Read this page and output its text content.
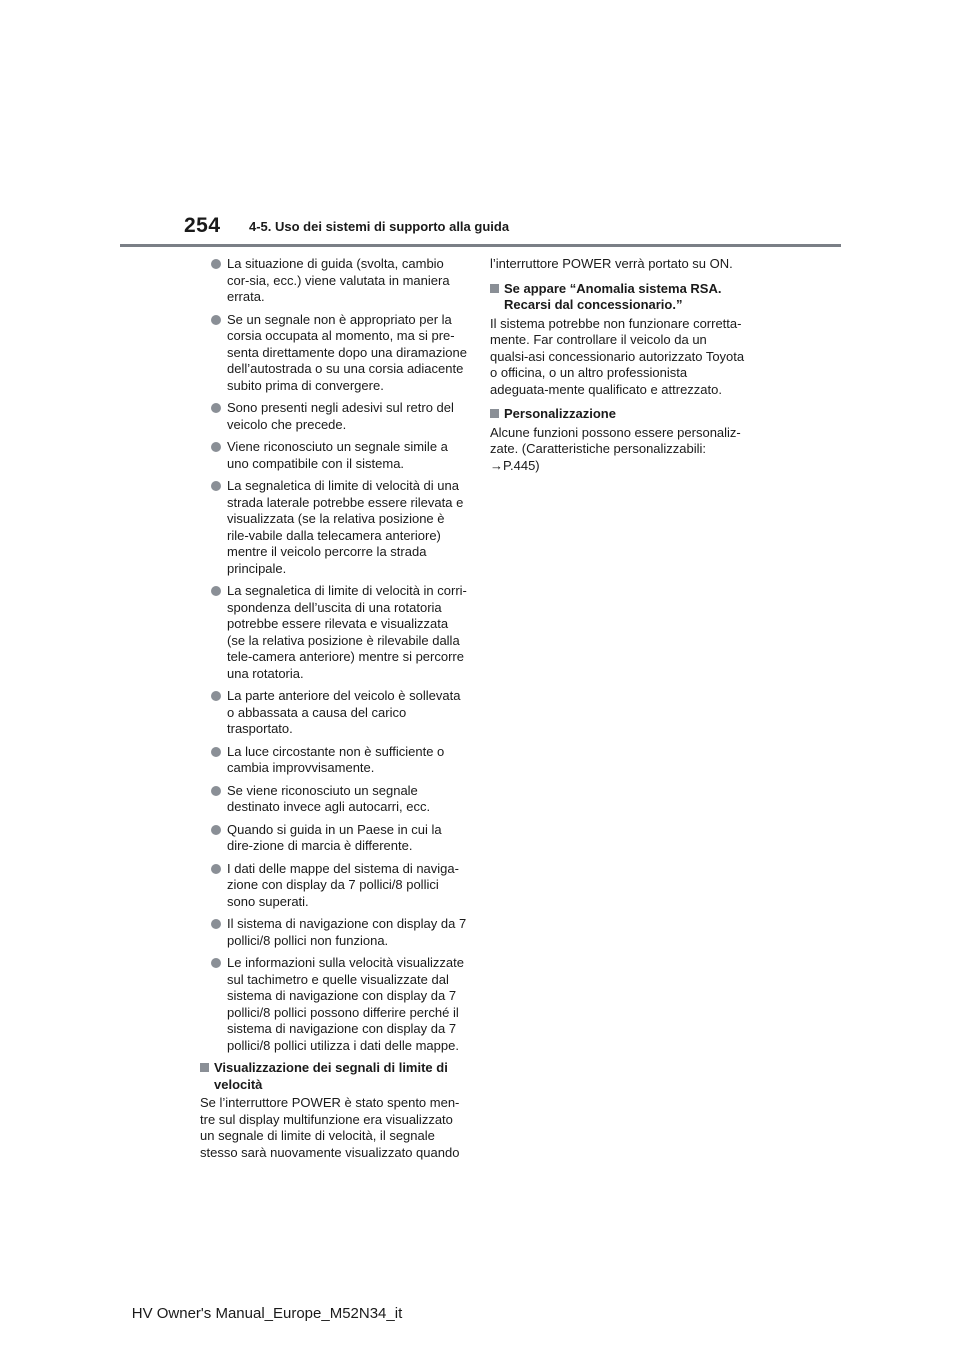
254 4-5. Uso dei sistemi di supporto alla guida
La situazione di guida (svolta, cambio cor-sia, ecc.) viene valutata in maniera errata.
Se un segnale non è appropriato per la corsia occupata al momento, ma si pre-senta direttamente dopo una diramazione dell’autostrada o su una corsia adiacente subito prima di convergere.
Sono presenti negli adesivi sul retro del veicolo che precede.
Viene riconosciuto un segnale simile a uno compatibile con il sistema.
La segnaletica di limite di velocità di una strada laterale potrebbe essere rilevata e visualizzata (se la relativa posizione è rile-vabile dalla telecamera anteriore) mentre il veicolo percorre la strada principale.
La segnaletica di limite di velocità in corri-spondenza dell’uscita di una rotatoria potrebbe essere rilevata e visualizzata (se la relativa posizione è rilevabile dalla tele-camera anteriore) mentre si percorre una rotatoria.
La parte anteriore del veicolo è sollevata o abbassata a causa del carico trasportato.
La luce circostante non è sufficiente o cambia improvvisamente.
Se viene riconosciuto un segnale destinato invece agli autocarri, ecc.
Quando si guida in un Paese in cui la dire-zione di marcia è differente.
I dati delle mappe del sistema di naviga-zione con display da 7 pollici/8 pollici sono superati.
Il sistema di navigazione con display da 7 pollici/8 pollici non funziona.
Le informazioni sulla velocità visualizzate sul tachimetro e quelle visualizzate dal sistema di navigazione con display da 7 pollici/8 pollici possono differire perché il sistema di navigazione con display da 7 pollici/8 pollici utilizza i dati delle mappe.
Visualizzazione dei segnali di limite di velocità
Se l’interruttore POWER è stato spento men-tre sul display multifunzione era visualizzato un segnale di limite di velocità, il segnale stesso sarà nuovamente visualizzato quando
l’interruttore POWER verrà portato su ON.
Se appare “Anomalia sistema RSA. Recarsi dal concessionario.”
Il sistema potrebbe non funzionare corretta-mente. Far controllare il veicolo da un qualsi-asi concessionario autorizzato Toyota o officina, o un altro professionista adeguata-mente qualificato e attrezzato.
Personalizzazione
Alcune funzioni possono essere personaliz-zate. (Caratteristiche personalizzabili: →P.445)
HV Owner's Manual_Europe_M52N34_it
